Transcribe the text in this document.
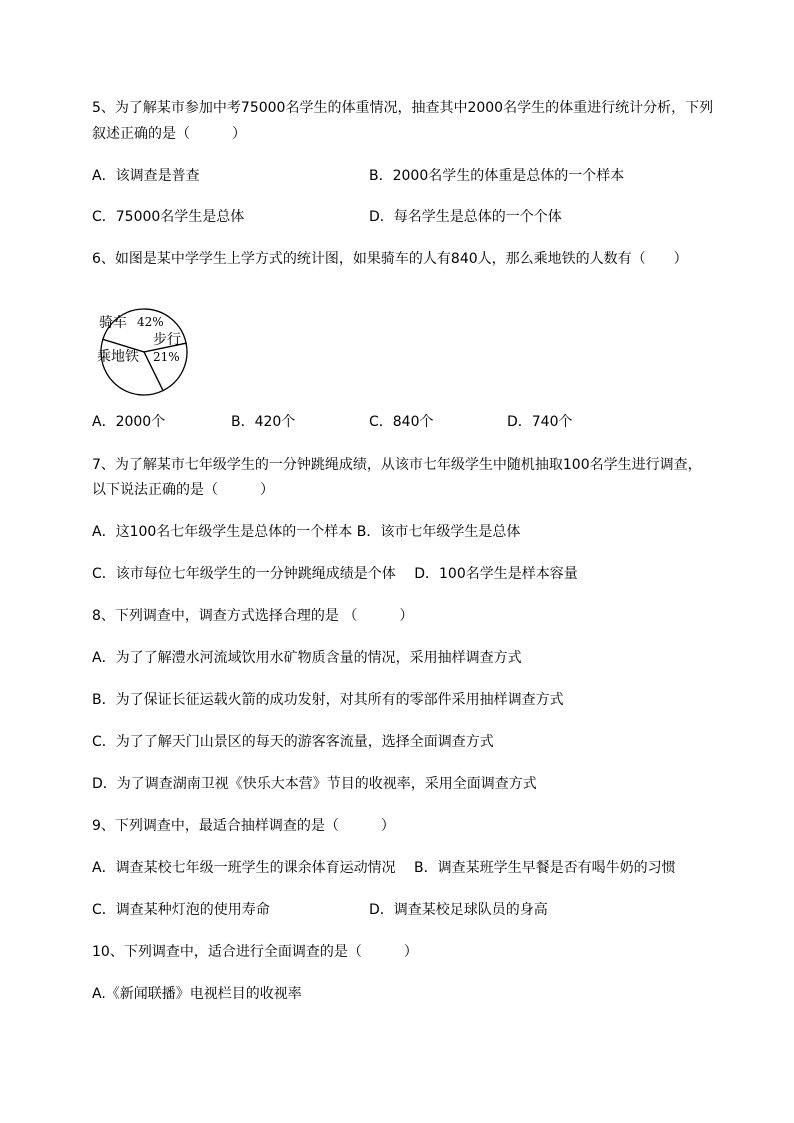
5、为了解某市参加中考75000名学生的体重情况，抽查其中2000名学生的体重进行统计分析，下列
叙述正确的是（　　　）
A．该调查是普查	B．2000名学生的体重是总体的一个样本
C．75000名学生是总体	D．每名学生是总体的一个个体
6、如图是某中学学生上学方式的统计图，如果骑车的人有840人，那么乘地铁的人数有（　　）
骑车 42%
步行
21%
乘地铁
A．2000个	B．420个	C．840个	D．740个
7、为了解某市七年级学生的一分钟跳绳成绩，从该市七年级学生中随机抽取100名学生进行调查，
以下说法正确的是（　　　）
A．这100名七年级学生是总体的一个样本 B．该市七年级学生是总体
C．该市每位七年级学生的一分钟跳绳成绩是个体　 D．100名学生是样本容量
8、下列调查中，调查方式选择合理的是 （　　　）
A．为了了解澧水河流域饮用水矿物质含量的情况，采用抽样调查方式
B．为了保证长征运载火箭的成功发射，对其所有的零部件采用抽样调查方式
C．为了了解天门山景区的每天的游客客流量，选择全面调查方式
D．为了调查湖南卫视《快乐大本营》节目的收视率，采用全面调查方式
9、下列调查中，最适合抽样调查的是（　　　）
A．调查某校七年级一班学生的课余体育运动情况　 B．调查某班学生早餐是否有喝牛奶的习惯
C．调查某种灯泡的使用寿命	D．调查某校足球队员的身高
10、下列调查中，适合进行全面调查的是（　　　）
A.《新闻联播》电视栏目的收视率
